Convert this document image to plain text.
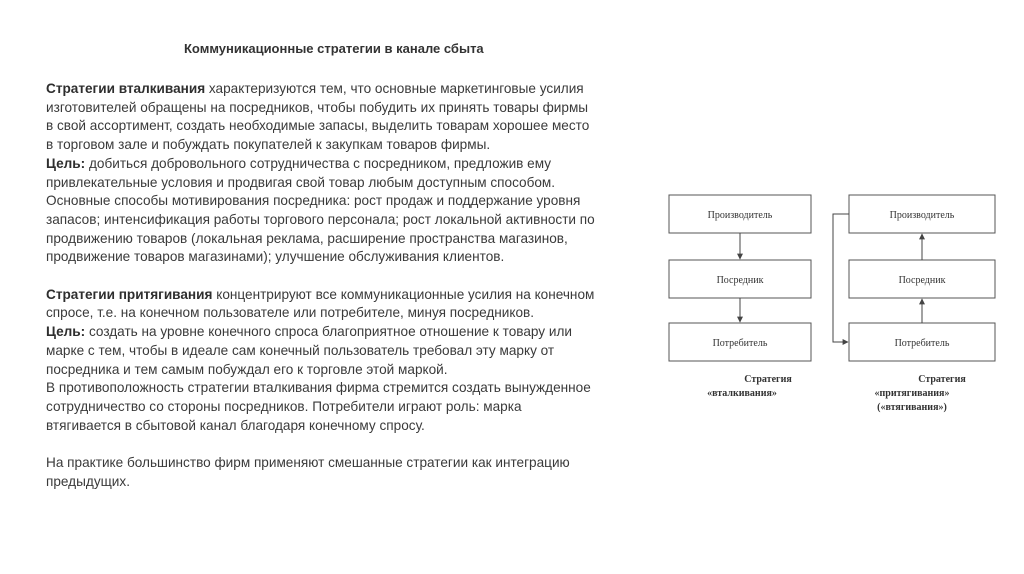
Коммуникационные стратегии в канале сбыта
Стратегии вталкивания характеризуются тем, что основные маркетинговые усилия
изготовителей обращены на посредников, чтобы побудить их принять товары фирмы
в свой ассортимент, создать необходимые запасы, выделить товарам хорошее место
в торговом зале и побуждать покупателей к закупкам товаров фирмы.
Цель: добиться добровольного сотрудничества с посредником, предложив ему
привлекательные условия и продвигая свой товар любым доступным способом.
Основные способы мотивирования посредника: рост продаж и поддержание уровня
запасов; интенсификация работы торгового персонала; рост локальной активности по
продвижению товаров (локальная реклама, расширение пространства магазинов,
продвижение товаров магазинами); улучшение обслуживания клиентов.
Стратегии притягивания концентрируют все коммуникационные усилия на конечном
спросе, т.е. на конечном пользователе или потребителе, минуя посредников.
Цель: создать на уровне конечного спроса благоприятное отношение к товару или
марке с тем, чтобы в идеале сам конечный пользователь требовал эту марку от
посредника и тем самым побуждал его к торговле этой маркой.
В противоположность стратегии вталкивания фирма стремится создать вынужденное
сотрудничество со стороны посредников. Потребители играют роль: марка
втягивается в сбытовой канал благодаря конечному спросу.
На практике большинство фирм применяют смешанные стратегии как интеграцию
предыдущих.
Производитель
Посредник
Потребитель
Стратегия
«вталкивания»
Производитель
Посредник
Потребитель
Стратегия
«притягивания»
(«втягивания»)
